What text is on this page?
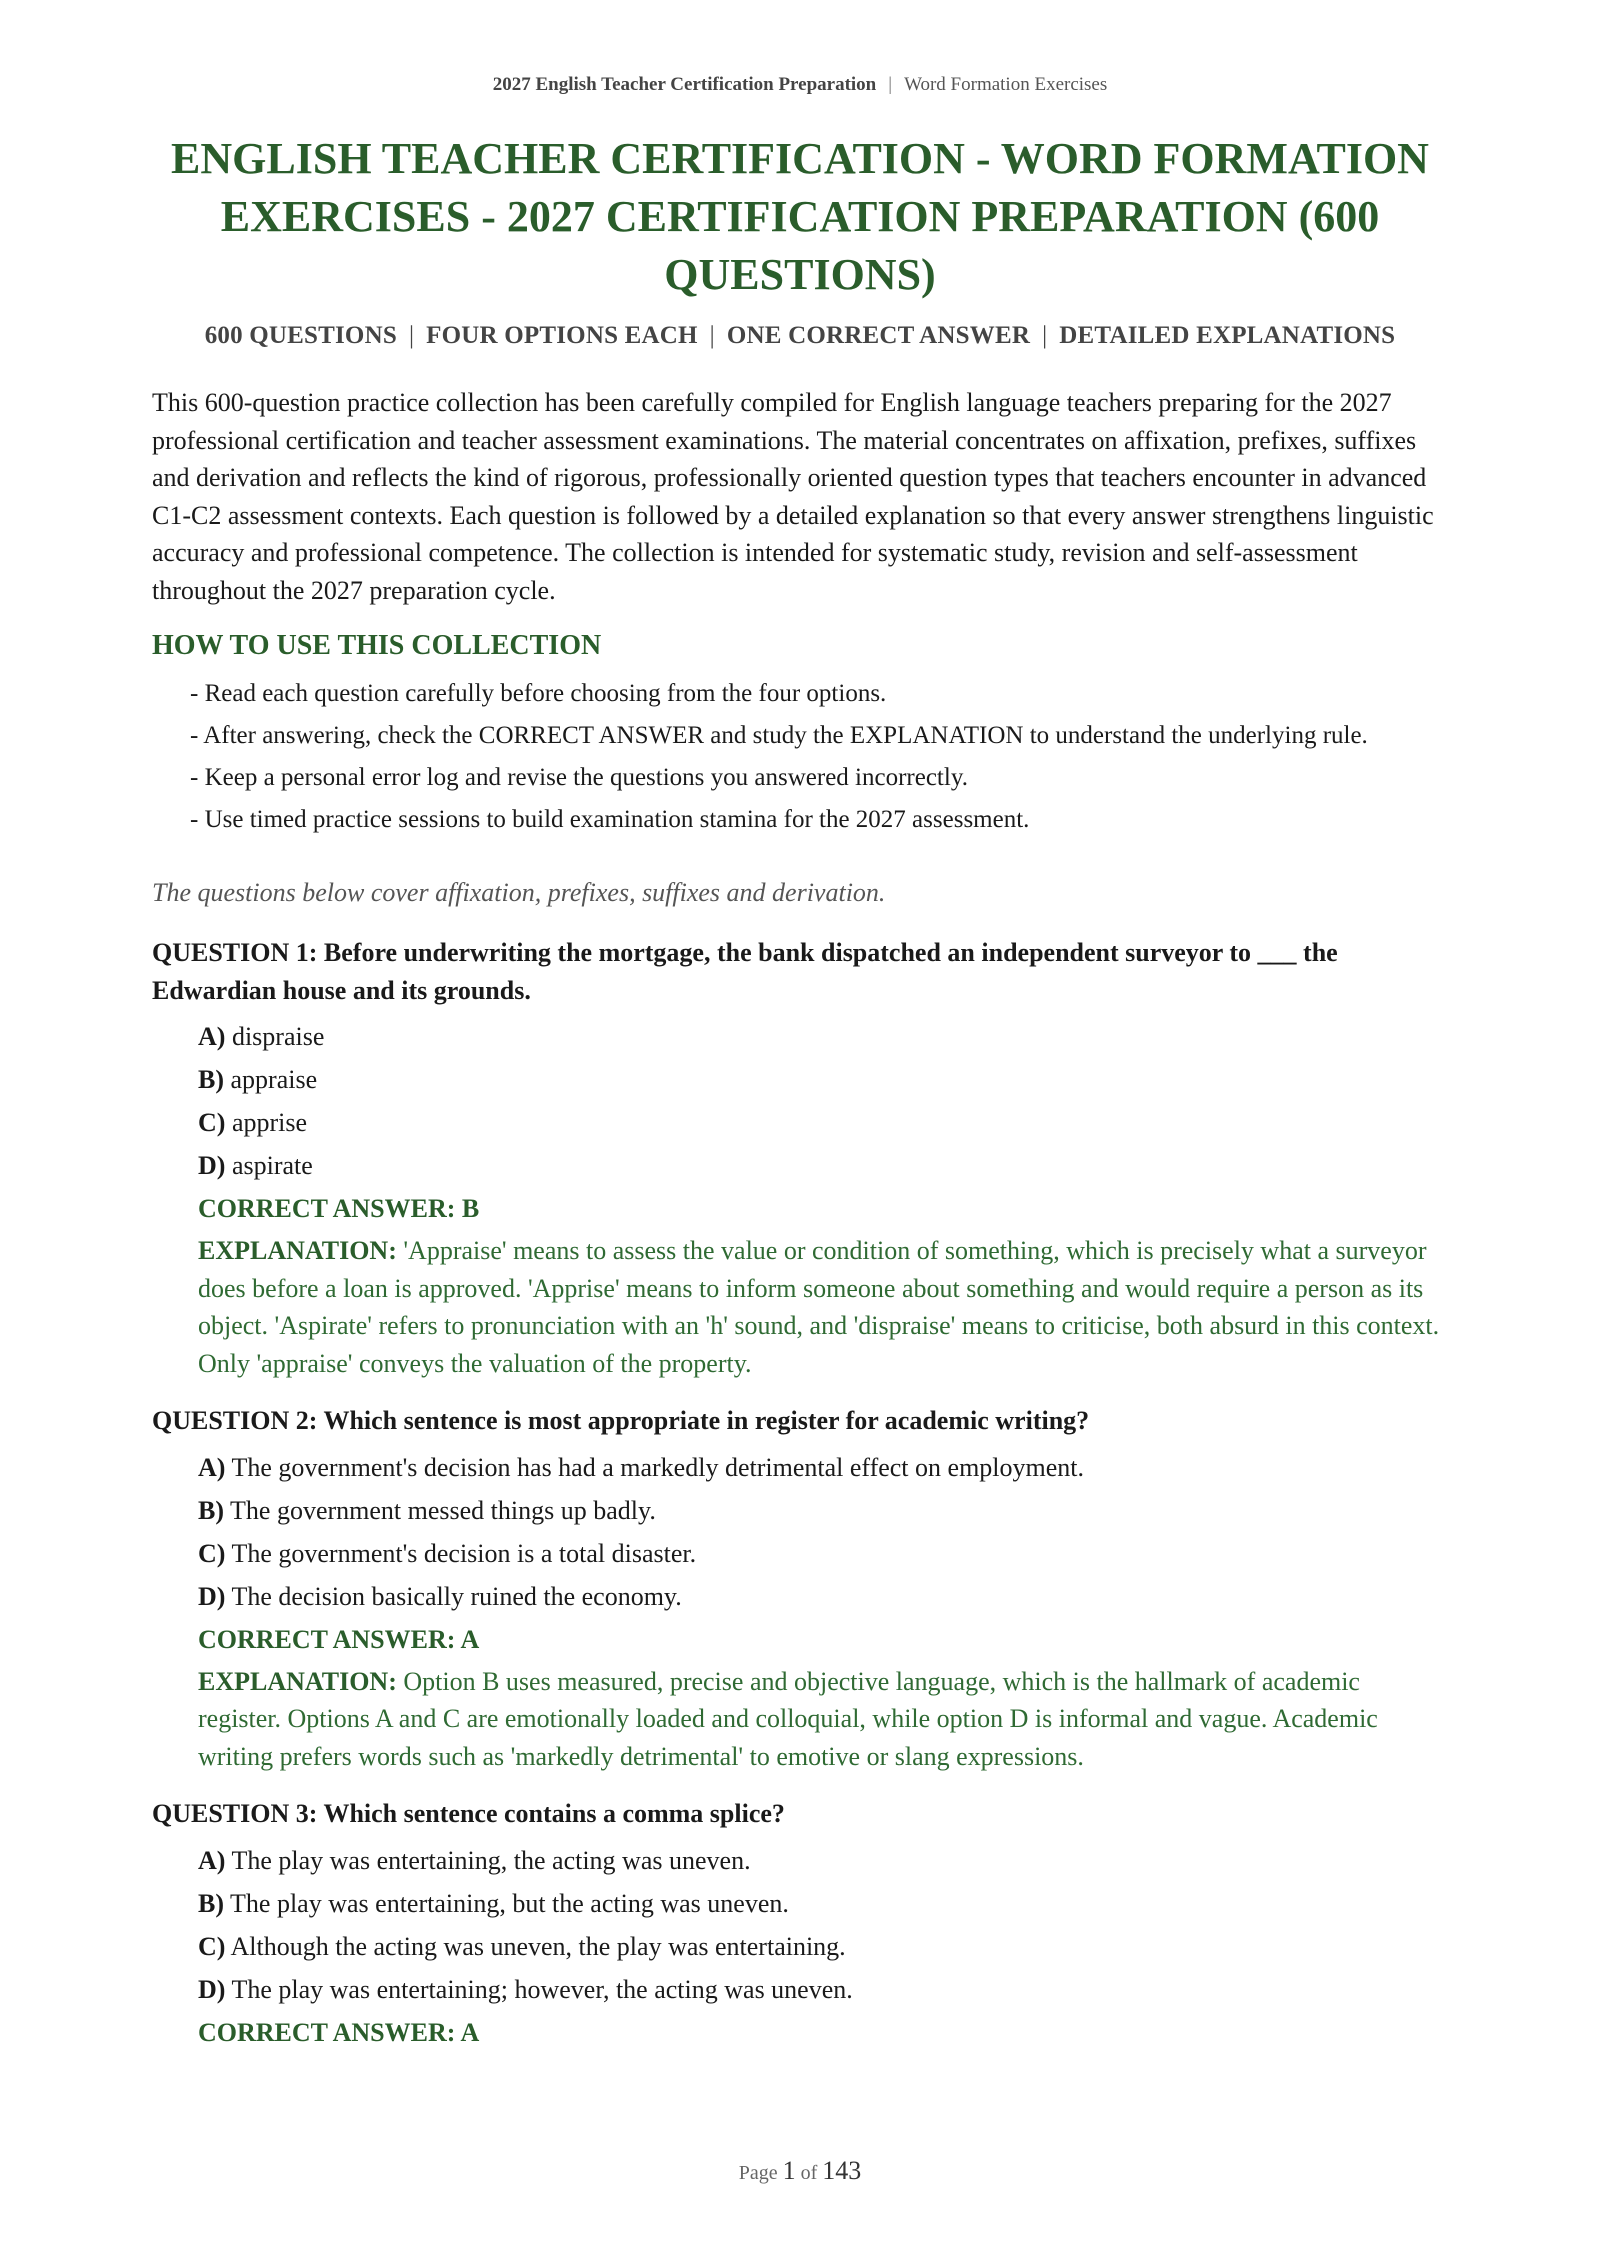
2027 English Teacher Certification Preparation | Word Formation Exercises
ENGLISH TEACHER CERTIFICATION - WORD FORMATION EXERCISES - 2027 CERTIFICATION PREPARATION (600 QUESTIONS)
600 QUESTIONS | FOUR OPTIONS EACH | ONE CORRECT ANSWER | DETAILED EXPLANATIONS

This 600-question practice collection has been carefully compiled for English language teachers preparing for the 2027 professional certification and teacher assessment examinations. The material concentrates on affixation, prefixes, suffixes and derivation and reflects the kind of rigorous, professionally oriented question types that teachers encounter in advanced C1-C2 assessment contexts. Each question is followed by a detailed explanation so that every answer strengthens linguistic accuracy and professional competence. The collection is intended for systematic study, revision and self-assessment throughout the 2027 preparation cycle.

HOW TO USE THIS COLLECTION
- Read each question carefully before choosing from the four options.
- After answering, check the CORRECT ANSWER and study the EXPLANATION to understand the underlying rule.
- Keep a personal error log and revise the questions you answered incorrectly.
- Use timed practice sessions to build examination stamina for the 2027 assessment.
The questions below cover affixation, prefixes, suffixes and derivation.

QUESTION 1: Before underwriting the mortgage, the bank dispatched an independent surveyor to ___ the Edwardian house and its grounds.

A) dispraise
B) appraise
C) apprise
D) aspirate
CORRECT ANSWER: B
EXPLANATION: 'Appraise' means to assess the value or condition of something, which is precisely what a surveyor does before a loan is approved. 'Apprise' means to inform someone about something and would require a person as its object. 'Aspirate' refers to pronunciation with an 'h' sound, and 'dispraise' means to criticise, both absurd in this context. Only 'appraise' conveys the valuation of the property.

QUESTION 2: Which sentence is most appropriate in register for academic writing?

A) The government's decision has had a markedly detrimental effect on employment.
B) The government messed things up badly.
C) The government's decision is a total disaster.
D) The decision basically ruined the economy.
CORRECT ANSWER: A
EXPLANATION: Option B uses measured, precise and objective language, which is the hallmark of academic register. Options A and C are emotionally loaded and colloquial, while option D is informal and vague. Academic writing prefers words such as 'markedly detrimental' to emotive or slang expressions.

QUESTION 3: Which sentence contains a comma splice?

A) The play was entertaining, the acting was uneven.
B) The play was entertaining, but the acting was uneven.
C) Although the acting was uneven, the play was entertaining.
D) The play was entertaining; however, the acting was uneven.
CORRECT ANSWER: A
Page 1 of 143
